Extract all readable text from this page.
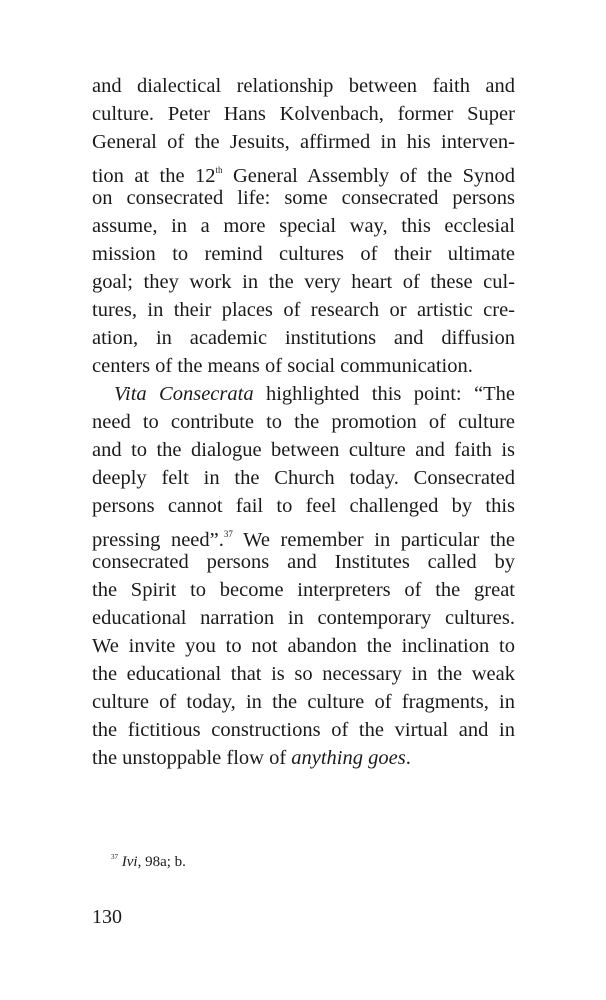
and dialectical relationship between faith and
culture. Peter Hans Kolvenbach, former Super
General of the Jesuits, affirmed in his interven-
tion at the 12th General Assembly of the Synod
on consecrated life: some consecrated persons
assume, in a more special way, this ecclesial
mission to remind cultures of their ultimate
goal; they work in the very heart of these cul-
tures, in their places of research or artistic cre-
ation, in academic institutions and diffusion
centers of the means of social communication.
Vita Consecrata highlighted this point: “The
need to contribute to the promotion of culture
and to the dialogue between culture and faith is
deeply felt in the Church today. Consecrated
persons cannot fail to feel challenged by this
pressing need”.$^{37}$ We remember in particular the
consecrated persons and Institutes called by
the Spirit to become interpreters of the great
educational narration in contemporary cultures.
We invite you to not abandon the inclination to
the educational that is so necessary in the weak
culture of today, in the culture of fragments, in
the fictitious constructions of the virtual and in
the unstoppable flow of anything goes.
$^{37}$ Ivi, 98a; b.
130
